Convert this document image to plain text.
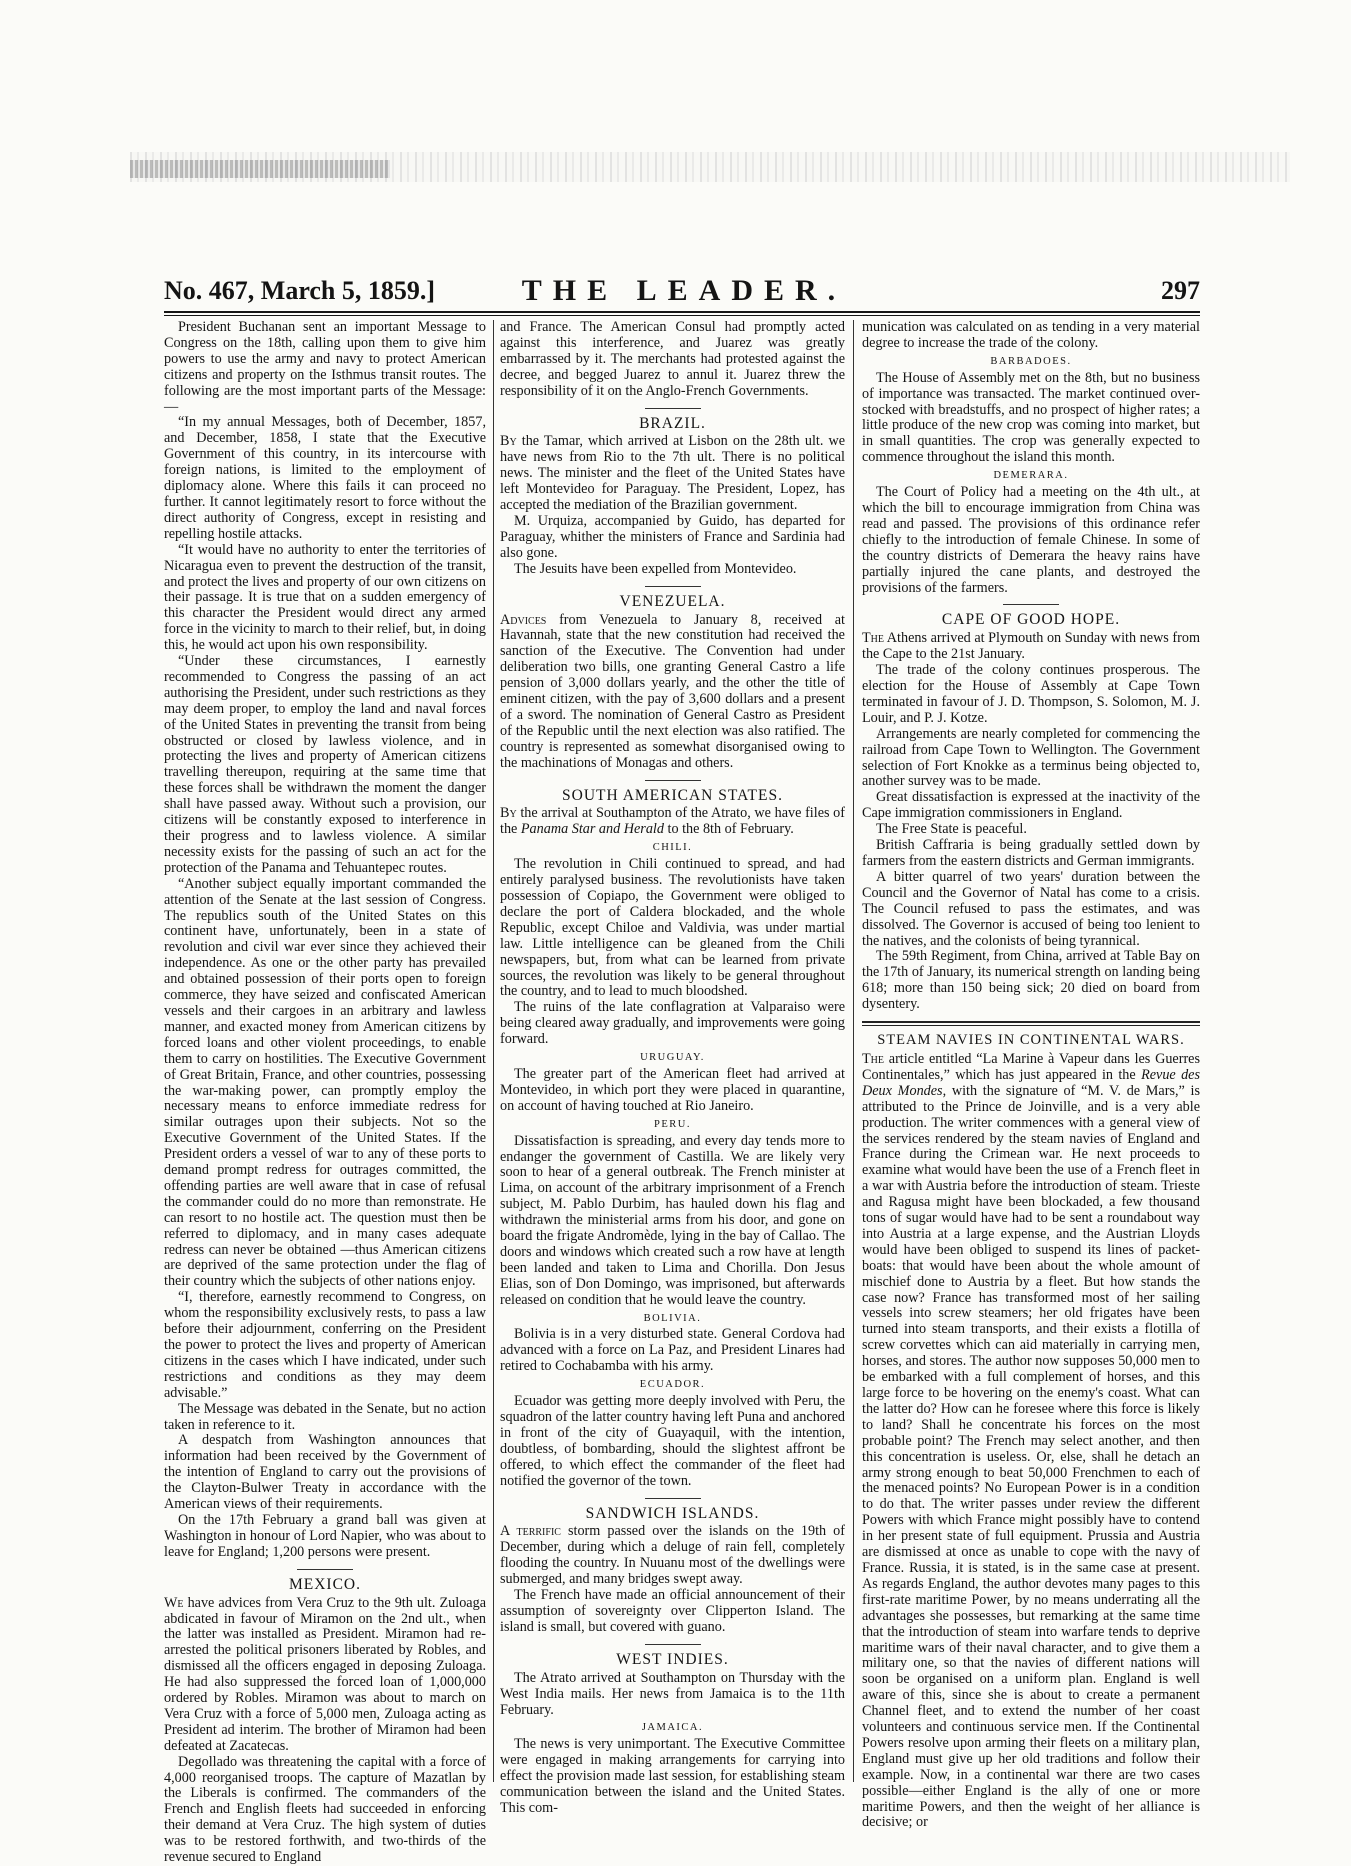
No. 467, March 5, 1859.]	THE LEADER.	297

President Buchanan sent an important Message to Congress on the 18th, calling upon them to give him powers to use the army and navy to protect American citizens and property on the Isthmus transit routes. The following are the most important parts of the Message:—

“In my annual Messages, both of December, 1857, and December, 1858, I state that the Executive Government of this country, in its intercourse with foreign nations, is limited to the employment of diplomacy alone. Where this fails it can proceed no further. It cannot legitimately resort to force without the direct authority of Congress, except in resisting and repelling hostile attacks.

“It would have no authority to enter the territories of Nicaragua even to prevent the destruction of the transit, and protect the lives and property of our own citizens on their passage. It is true that on a sudden emergency of this character the President would direct any armed force in the vicinity to march to their relief, but, in doing this, he would act upon his own responsibility.

“Under these circumstances, I earnestly recommended to Congress the passing of an act authorising the President, under such restrictions as they may deem proper, to employ the land and naval forces of the United States in preventing the transit from being obstructed or closed by lawless violence, and in protecting the lives and property of American citizens travelling thereupon, requiring at the same time that these forces shall be withdrawn the moment the danger shall have passed away. Without such a provision, our citizens will be constantly exposed to interference in their progress and to lawless violence. A similar necessity exists for the passing of such an act for the protection of the Panama and Tehuantepec routes.

“Another subject equally important commanded the attention of the Senate at the last session of Congress. The republics south of the United States on this continent have, unfortunately, been in a state of revolution and civil war ever since they achieved their independence. As one or the other party has prevailed and obtained possession of their ports open to foreign commerce, they have seized and confiscated American vessels and their cargoes in an arbitrary and lawless manner, and exacted money from American citizens by forced loans and other violent proceedings, to enable them to carry on hostilities. The Executive Government of Great Britain, France, and other countries, possessing the war-making power, can promptly employ the necessary means to enforce immediate redress for similar outrages upon their subjects. Not so the Executive Government of the United States. If the President orders a vessel of war to any of these ports to demand prompt redress for outrages committed, the offending parties are well aware that in case of refusal the commander could do no more than remonstrate. He can resort to no hostile act. The question must then be referred to diplomacy, and in many cases adequate redress can never be obtained —thus American citizens are deprived of the same protection under the flag of their country which the subjects of other nations enjoy.

“I, therefore, earnestly recommend to Congress, on whom the responsibility exclusively rests, to pass a law before their adjournment, conferring on the President the power to protect the lives and property of American citizens in the cases which I have indicated, under such restrictions and conditions as they may deem advisable.”

The Message was debated in the Senate, but no action taken in reference to it.

A despatch from Washington announces that information had been received by the Government of the intention of England to carry out the provisions of the Clayton-Bulwer Treaty in accordance with the American views of their requirements.

On the 17th February a grand ball was given at Washington in honour of Lord Napier, who was about to leave for England; 1,200 persons were present.

MEXICO.

We have advices from Vera Cruz to the 9th ult. Zuloaga abdicated in favour of Miramon on the 2nd ult., when the latter was installed as President. Miramon had re-arrested the political prisoners liberated by Robles, and dismissed all the officers engaged in deposing Zuloaga. He had also suppressed the forced loan of 1,000,000 ordered by Robles. Miramon was about to march on Vera Cruz with a force of 5,000 men, Zuloaga acting as President ad interim. The brother of Miramon had been defeated at Zacatecas.

Degollado was threatening the capital with a force of 4,000 reorganised troops. The capture of Mazatlan by the Liberals is confirmed. The commanders of the French and English fleets had succeeded in enforcing their demand at Vera Cruz. The high system of duties was to be restored forthwith, and two-thirds of the revenue secured to England

and France. The American Consul had promptly acted against this interference, and Juarez was greatly embarrassed by it. The merchants had protested against the decree, and begged Juarez to annul it. Juarez threw the responsibility of it on the Anglo-French Governments.

BRAZIL.

By the Tamar, which arrived at Lisbon on the 28th ult. we have news from Rio to the 7th ult. There is no political news. The minister and the fleet of the United States have left Montevideo for Paraguay. The President, Lopez, has accepted the mediation of the Brazilian government.

M. Urquiza, accompanied by Guido, has departed for Paraguay, whither the ministers of France and Sardinia had also gone.

The Jesuits have been expelled from Montevideo.

VENEZUELA.

Advices from Venezuela to January 8, received at Havannah, state that the new constitution had received the sanction of the Executive. The Convention had under deliberation two bills, one granting General Castro a life pension of 3,000 dollars yearly, and the other the title of eminent citizen, with the pay of 3,600 dollars and a present of a sword. The nomination of General Castro as President of the Republic until the next election was also ratified. The country is represented as somewhat disorganised owing to the machinations of Monagas and others.

SOUTH AMERICAN STATES.

By the arrival at Southampton of the Atrato, we have files of the Panama Star and Herald to the 8th of February.

CHILI.

The revolution in Chili continued to spread, and had entirely paralysed business. The revolutionists have taken possession of Copiapo, the Government were obliged to declare the port of Caldera blockaded, and the whole Republic, except Chiloe and Valdivia, was under martial law. Little intelligence can be gleaned from the Chili newspapers, but, from what can be learned from private sources, the revolution was likely to be general throughout the country, and to lead to much bloodshed.

The ruins of the late conflagration at Valparaiso were being cleared away gradually, and improvements were going forward.

URUGUAY.

The greater part of the American fleet had arrived at Montevideo, in which port they were placed in quarantine, on account of having touched at Rio Janeiro.

PERU.

Dissatisfaction is spreading, and every day tends more to endanger the government of Castilla. We are likely very soon to hear of a general outbreak. The French minister at Lima, on account of the arbitrary imprisonment of a French subject, M. Pablo Durbim, has hauled down his flag and withdrawn the ministerial arms from his door, and gone on board the frigate Andromède, lying in the bay of Callao. The doors and windows which created such a row have at length been landed and taken to Lima and Chorilla. Don Jesus Elias, son of Don Domingo, was imprisoned, but afterwards released on condition that he would leave the country.

BOLIVIA.

Bolivia is in a very disturbed state. General Cordova had advanced with a force on La Paz, and President Linares had retired to Cochabamba with his army.

ECUADOR.

Ecuador was getting more deeply involved with Peru, the squadron of the latter country having left Puna and anchored in front of the city of Guayaquil, with the intention, doubtless, of bombarding, should the slightest affront be offered, to which effect the commander of the fleet had notified the governor of the town.

SANDWICH ISLANDS.

A terrific storm passed over the islands on the 19th of December, during which a deluge of rain fell, completely flooding the country. In Nuuanu most of the dwellings were submerged, and many bridges swept away.

The French have made an official announcement of their assumption of sovereignty over Clipperton Island. The island is small, but covered with guano.

WEST INDIES.

The Atrato arrived at Southampton on Thursday with the West India mails. Her news from Jamaica is to the 11th February.

JAMAICA.

The news is very unimportant. The Executive Committee were engaged in making arrangements for carrying into effect the provision made last session, for establishing steam communication between the island and the United States. This com-

munication was calculated on as tending in a very material degree to increase the trade of the colony.

BARBADOES.

The House of Assembly met on the 8th, but no business of importance was transacted. The market continued over-stocked with breadstuffs, and no prospect of higher rates; a little produce of the new crop was coming into market, but in small quantities. The crop was generally expected to commence throughout the island this month.

DEMERARA.

The Court of Policy had a meeting on the 4th ult., at which the bill to encourage immigration from China was read and passed. The provisions of this ordinance refer chiefly to the introduction of female Chinese. In some of the country districts of Demerara the heavy rains have partially injured the cane plants, and destroyed the provisions of the farmers.

CAPE OF GOOD HOPE.

The Athens arrived at Plymouth on Sunday with news from the Cape to the 21st January.

The trade of the colony continues prosperous. The election for the House of Assembly at Cape Town terminated in favour of J. D. Thompson, S. Solomon, M. J. Louir, and P. J. Kotze.

Arrangements are nearly completed for commencing the railroad from Cape Town to Wellington. The Government selection of Fort Knokke as a terminus being objected to, another survey was to be made.

Great dissatisfaction is expressed at the inactivity of the Cape immigration commissioners in England.

The Free State is peaceful.

British Caffraria is being gradually settled down by farmers from the eastern districts and German immigrants.

A bitter quarrel of two years' duration between the Council and the Governor of Natal has come to a crisis. The Council refused to pass the estimates, and was dissolved. The Governor is accused of being too lenient to the natives, and the colonists of being tyrannical.

The 59th Regiment, from China, arrived at Table Bay on the 17th of January, its numerical strength on landing being 618; more than 150 being sick; 20 died on board from dysentery.

STEAM NAVIES IN CONTINENTAL WARS.

The article entitled “La Marine à Vapeur dans les Guerres Continentales,” which has just appeared in the Revue des Deux Mondes, with the signature of “M. V. de Mars,” is attributed to the Prince de Joinville, and is a very able production. The writer commences with a general view of the services rendered by the steam navies of England and France during the Crimean war. He next proceeds to examine what would have been the use of a French fleet in a war with Austria before the introduction of steam. Trieste and Ragusa might have been blockaded, a few thousand tons of sugar would have had to be sent a roundabout way into Austria at a large expense, and the Austrian Lloyds would have been obliged to suspend its lines of packet-boats: that would have been about the whole amount of mischief done to Austria by a fleet. But how stands the case now? France has transformed most of her sailing vessels into screw steamers; her old frigates have been turned into steam transports, and their exists a flotilla of screw corvettes which can aid materially in carrying men, horses, and stores. The author now supposes 50,000 men to be embarked with a full complement of horses, and this large force to be hovering on the enemy's coast. What can the latter do? How can he foresee where this force is likely to land? Shall he concentrate his forces on the most probable point? The French may select another, and then this concentration is useless. Or, else, shall he detach an army strong enough to beat 50,000 Frenchmen to each of the menaced points? No European Power is in a condition to do that. The writer passes under review the different Powers with which France might possibly have to contend in her present state of full equipment. Prussia and Austria are dismissed at once as unable to cope with the navy of France. Russia, it is stated, is in the same case at present. As regards England, the author devotes many pages to this first-rate maritime Power, by no means underrating all the advantages she possesses, but remarking at the same time that the introduction of steam into warfare tends to deprive maritime wars of their naval character, and to give them a military one, so that the navies of different nations will soon be organised on a uniform plan. England is well aware of this, since she is about to create a permanent Channel fleet, and to extend the number of her coast volunteers and continuous service men. If the Continental Powers resolve upon arming their fleets on a military plan, England must give up her old traditions and follow their example. Now, in a continental war there are two cases possible—either England is the ally of one or more maritime Powers, and then the weight of her alliance is decisive; or
